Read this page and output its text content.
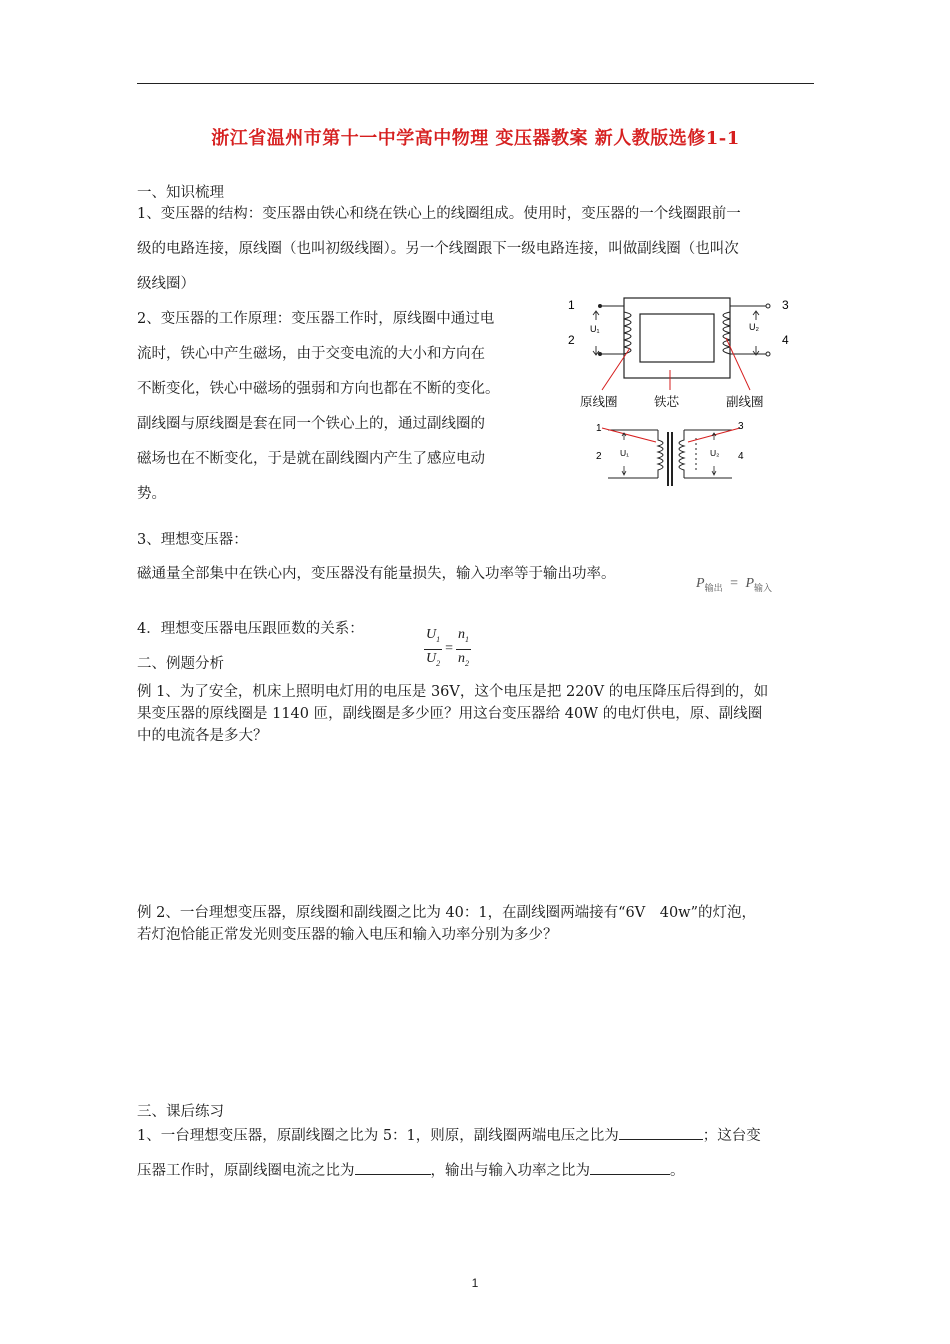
浙江省温州市第十一中学高中物理 变压器教案 新人教版选修1-1
一、知识梳理
1、变压器的结构：变压器由铁心和绕在铁心上的线圈组成。使用时，变压器的一个线圈跟前一
级的电路连接，原线圈（也叫初级线圈）。另一个线圈跟下一级电路连接，叫做副线圈（也叫次
级线圈）
2、变压器的工作原理：变压器工作时，原线圈中通过电
流时，铁心中产生磁场，由于交变电流的大小和方向在
不断变化，铁心中磁场的强弱和方向也都在不断的变化。
副线圈与原线圈是套在同一个铁心上的，通过副线圈的
磁场也在不断变化，于是就在副线圈内产生了感应电动
势。
1
2
3
4
U₁	U₂
原线圈	铁芯	副线圈
1
2
3
4
U₁	U₂
3、理想变压器：
磁通量全部集中在铁心内，变压器没有能量损失，输入功率等于输出功率。
$P_{输出} = P_{输入}$
4．理想变压器电压跟匝数的关系：	$\frac{U_1}{U_2} = \frac{n_1}{n_2}$
二、例题分析
例 1、为了安全，机床上照明电灯用的电压是 36V，这个电压是把 220V 的电压降压后得到的，如
果变压器的原线圈是 1140 匝，副线圈是多少匝？用这台变压器给 40W 的电灯供电，原、副线圈
中的电流各是多大？
例 2、一台理想变压器，原线圈和副线圈之比为 40：1，在副线圈两端接有“6V　40w”的灯泡，
若灯泡恰能正常发光则变压器的输入电压和输入功率分别为多少？
三、课后练习
1、一台理想变压器，原副线圈之比为 5：1，则原，副线圈两端电压之比为	；这台变
压器工作时，原副线圈电流之比为	，输出与输入功率之比为	。
1
